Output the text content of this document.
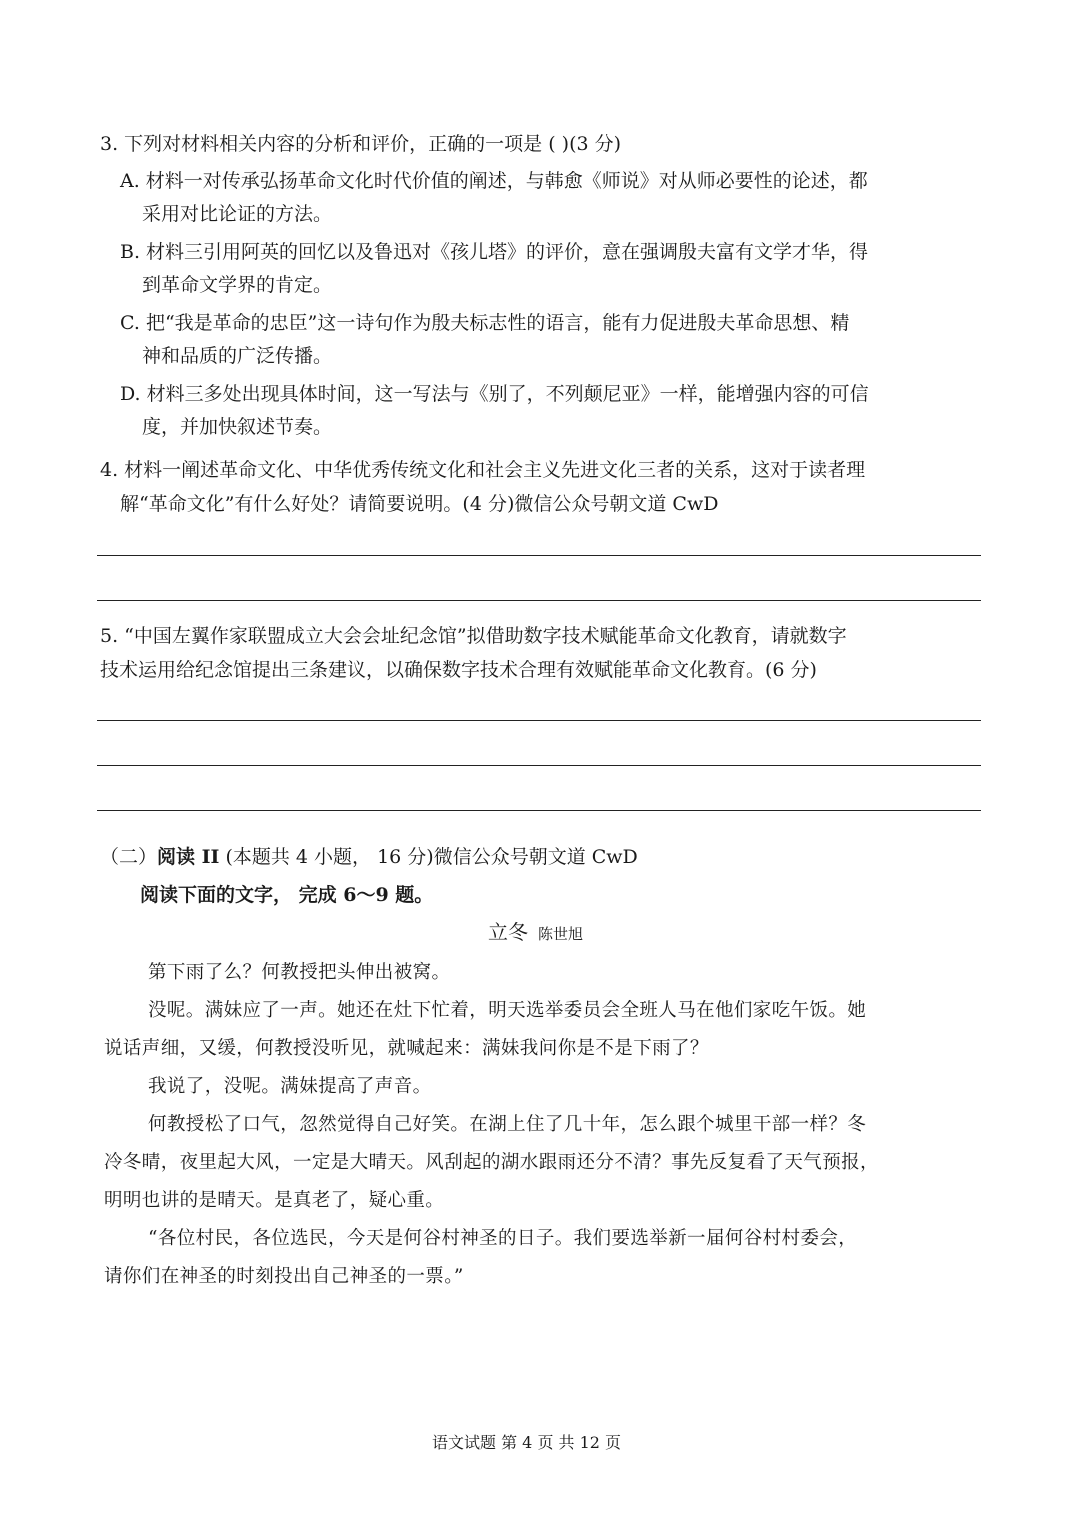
3. 下列对材料相关内容的分析和评价，正确的一项是 ( )(3 分)
A. 材料一对传承弘扬革命文化时代价值的阐述，与韩愈《师说》对从师必要性的论述，都
采用对比论证的方法。
B. 材料三引用阿英的回忆以及鲁迅对《孩儿塔》的评价，意在强调殷夫富有文学才华，得
到革命文学界的肯定。
C. 把“我是革命的忠臣”这一诗句作为殷夫标志性的语言，能有力促进殷夫革命思想、精
神和品质的广泛传播。
D. 材料三多处出现具体时间，这一写法与《别了，不列颠尼亚》一样，能增强内容的可信
度，并加快叙述节奏。
4. 材料一阐述革命文化、中华优秀传统文化和社会主义先进文化三者的关系，这对于读者理
解“革命文化”有什么好处？请简要说明。(4 分)微信公众号朝文道 CwD
5. “中国左翼作家联盟成立大会会址纪念馆”拟借助数字技术赋能革命文化教育，请就数字
技术运用给纪念馆提出三条建议，以确保数字技术合理有效赋能革命文化教育。(6 分)
（二）阅读 II (本题共 4 小题， 16 分)微信公众号朝文道 CwD
阅读下面的文字， 完成 6～9 题。
立冬 陈世旭
第下雨了么？何教授把头伸出被窝。
没呢。满妹应了一声。她还在灶下忙着，明天选举委员会全班人马在他们家吃午饭。她
说话声细，又缓，何教授没听见，就喊起来：满妹我问你是不是下雨了？
我说了，没呢。满妹提高了声音。
何教授松了口气，忽然觉得自己好笑。在湖上住了几十年，怎么跟个城里干部一样？冬
冷冬晴，夜里起大风，一定是大晴天。风刮起的湖水跟雨还分不清？事先反复看了天气预报，
明明也讲的是晴天。是真老了，疑心重。
“各位村民，各位选民，今天是何谷村神圣的日子。我们要选举新一届何谷村村委会，
请你们在神圣的时刻投出自己神圣的一票。”
语文试题 第 4 页 共 12 页
